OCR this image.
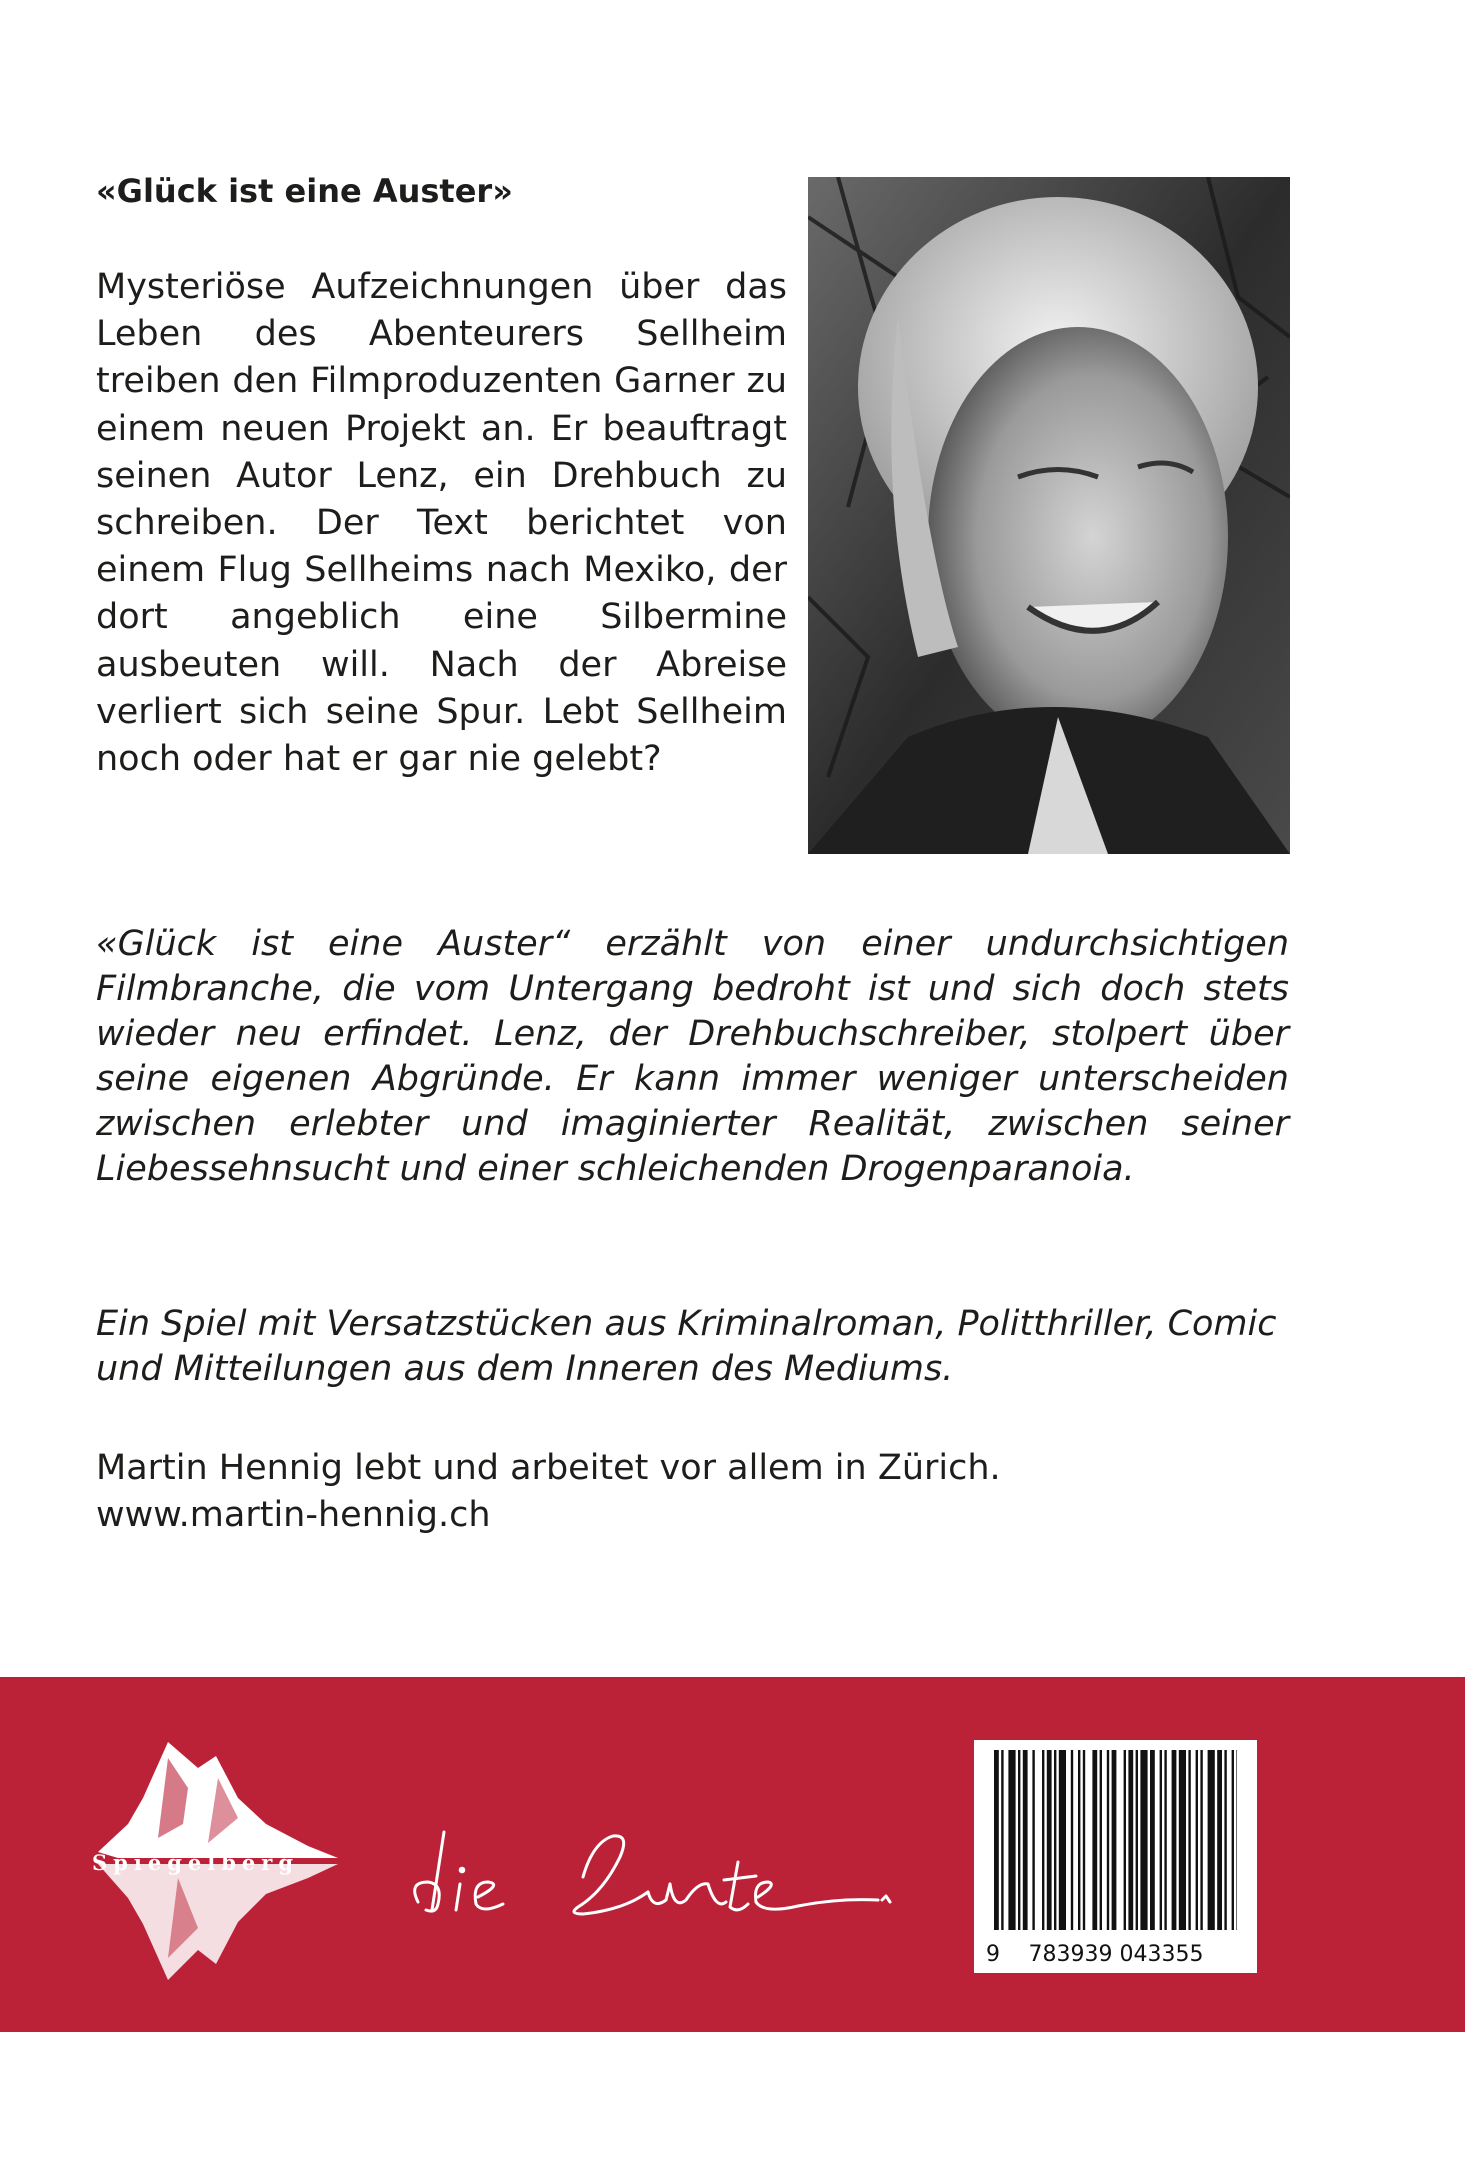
«Glück ist eine Auster»

Mysteriöse Aufzeichnungen über das Leben des Abenteurers Sellheim treiben den Filmproduzenten Garner zu einem neuen Projekt an. Er beauftragt seinen Autor Lenz, ein Drehbuch zu schreiben. Der Text berichtet von einem Flug Sellheims nach Mexiko, der dort angeblich eine Silbermine ausbeuten will. Nach der Abreise verliert sich seine Spur. Lebt Sellheim noch oder hat er gar nie gelebt?

«Glück ist eine Auster“ erzählt von einer undurchsichtigen Filmbranche, die vom Untergang bedroht ist und sich doch stets wieder neu erfindet. Lenz, der Drehbuchschreiber, stolpert über seine eigenen Abgründe. Er kann immer weniger unterscheiden zwischen erlebter und imaginierter Realität, zwischen seiner Liebessehnsucht und einer schleichenden Drogenparanoia.

Ein Spiel mit Versatzstücken aus Kriminalroman, Politthriller, Comic und Mitteilungen aus dem Inneren des Mediums.

Martin Hennig lebt und arbeitet vor allem in Zürich.
www.martin-hennig.ch

Spiegelberg
9 783939 043355
